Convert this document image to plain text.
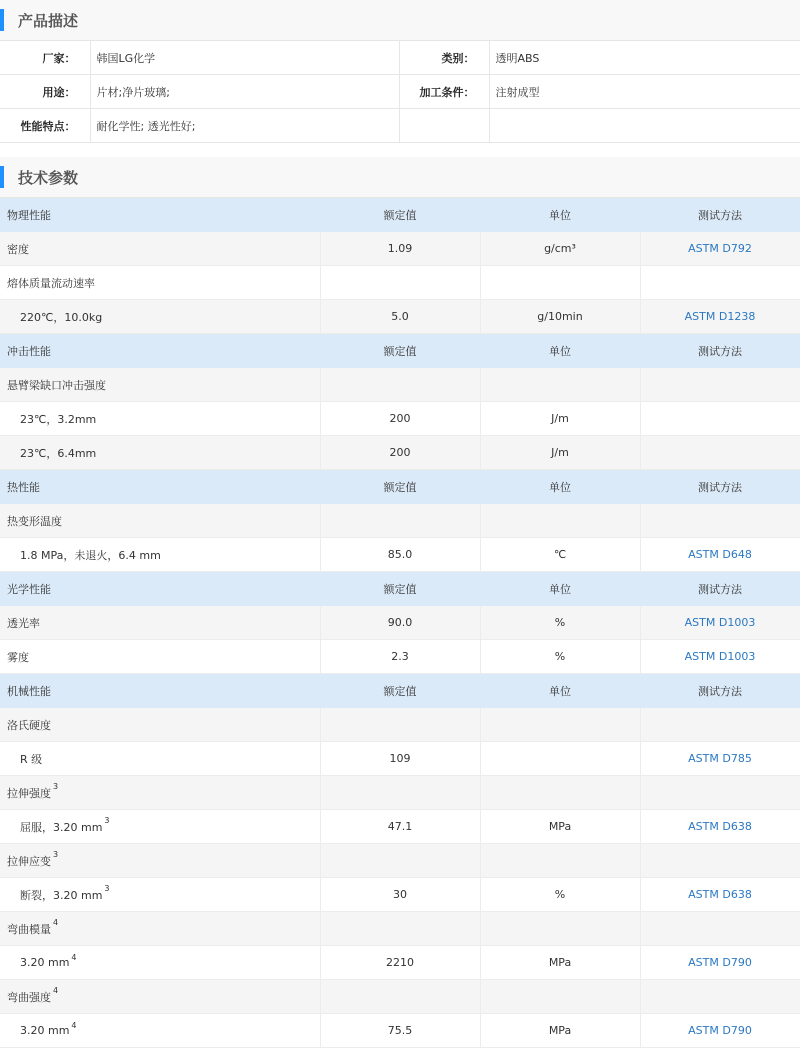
产品描述
厂家：	韩国LG化学	类别：	透明ABS
用途：	片材;净片玻璃;	加工条件：	注射成型
性能特点：	耐化学性; 透光性好;		
技术参数
物理性能	额定值	单位	测试方法
密度	1.09	g/cm³	ASTM D792
熔体质量流动速率			
220℃，10.0kg	5.0	g/10min	ASTM D1238
冲击性能	额定值	单位	测试方法
悬臂梁缺口冲击强度			
23℃，3.2mm	200	J/m	
23℃，6.4mm	200	J/m	
热性能	额定值	单位	测试方法
热变形温度			
1.8 MPa，未退火，6.4 mm	85.0	℃	ASTM D648
光学性能	额定值	单位	测试方法
透光率	90.0	%	ASTM D1003
雾度	2.3	%	ASTM D1003
机械性能	额定值	单位	测试方法
洛氏硬度			
R 级	109		ASTM D785
拉伸强度$^3$			
屈服，3.20 $mm^3$	47.1	MPa	ASTM D638
拉伸应变$^3$			
断裂，3.20 $mm^3$	30	%	ASTM D638
弯曲模量$^4$			
3.20 mm $^4$	2210	MPa	ASTM D790
弯曲强度$^4$			
3.20 mm $^4$	75.5	MPa	ASTM D790
